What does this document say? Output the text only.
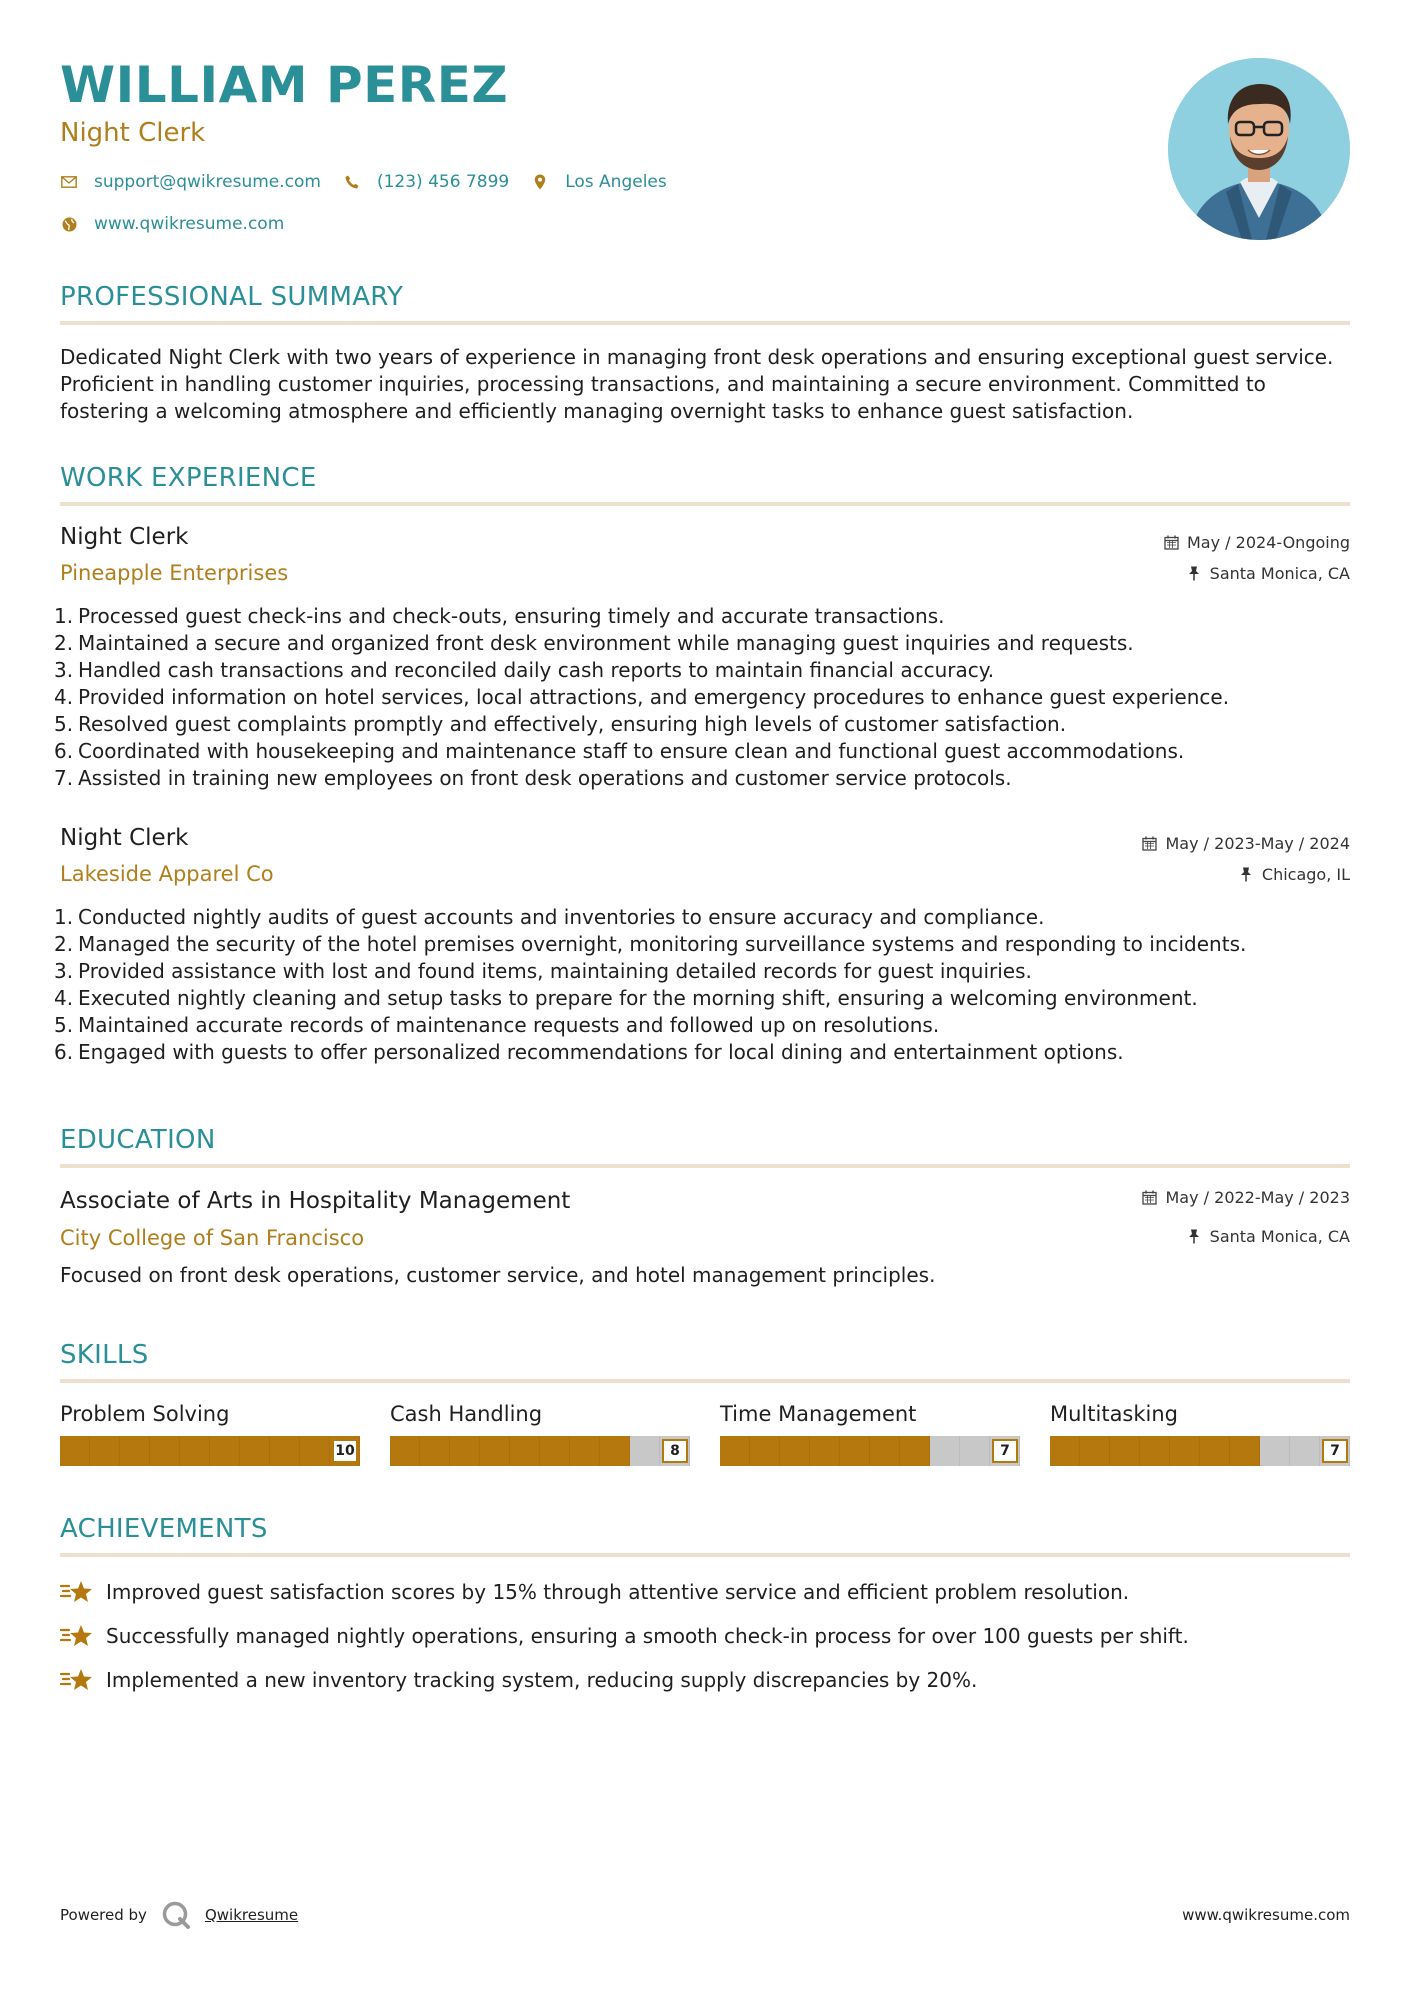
WILLIAM PEREZ
Night Clerk
support@qwikresume.com	(123) 456 7899	Los Angeles
www.qwikresume.com
PROFESSIONAL SUMMARY
Dedicated Night Clerk with two years of experience in managing front desk operations and ensuring exceptional guest service. Proficient in handling customer inquiries, processing transactions, and maintaining a secure environment. Committed to fostering a welcoming atmosphere and efficiently managing overnight tasks to enhance guest satisfaction.
WORK EXPERIENCE
Night Clerk
Pineapple Enterprises
May / 2024-Ongoing
Santa Monica, CA
1. Processed guest check-ins and check-outs, ensuring timely and accurate transactions.
2. Maintained a secure and organized front desk environment while managing guest inquiries and requests.
3. Handled cash transactions and reconciled daily cash reports to maintain financial accuracy.
4. Provided information on hotel services, local attractions, and emergency procedures to enhance guest experience.
5. Resolved guest complaints promptly and effectively, ensuring high levels of customer satisfaction.
6. Coordinated with housekeeping and maintenance staff to ensure clean and functional guest accommodations.
7. Assisted in training new employees on front desk operations and customer service protocols.
Night Clerk
Lakeside Apparel Co
May / 2023-May / 2024
Chicago, IL
1. Conducted nightly audits of guest accounts and inventories to ensure accuracy and compliance.
2. Managed the security of the hotel premises overnight, monitoring surveillance systems and responding to incidents.
3. Provided assistance with lost and found items, maintaining detailed records for guest inquiries.
4. Executed nightly cleaning and setup tasks to prepare for the morning shift, ensuring a welcoming environment.
5. Maintained accurate records of maintenance requests and followed up on resolutions.
6. Engaged with guests to offer personalized recommendations for local dining and entertainment options.
EDUCATION
Associate of Arts in Hospitality Management
City College of San Francisco
May / 2022-May / 2023
Santa Monica, CA
Focused on front desk operations, customer service, and hotel management principles.
SKILLS
Problem Solving
10
Cash Handling
8
Time Management
7
Multitasking
7
ACHIEVEMENTS
Improved guest satisfaction scores by 15% through attentive service and efficient problem resolution.
Successfully managed nightly operations, ensuring a smooth check-in process for over 100 guests per shift.
Implemented a new inventory tracking system, reducing supply discrepancies by 20%.
Powered by	Qwikresume	www.qwikresume.com
